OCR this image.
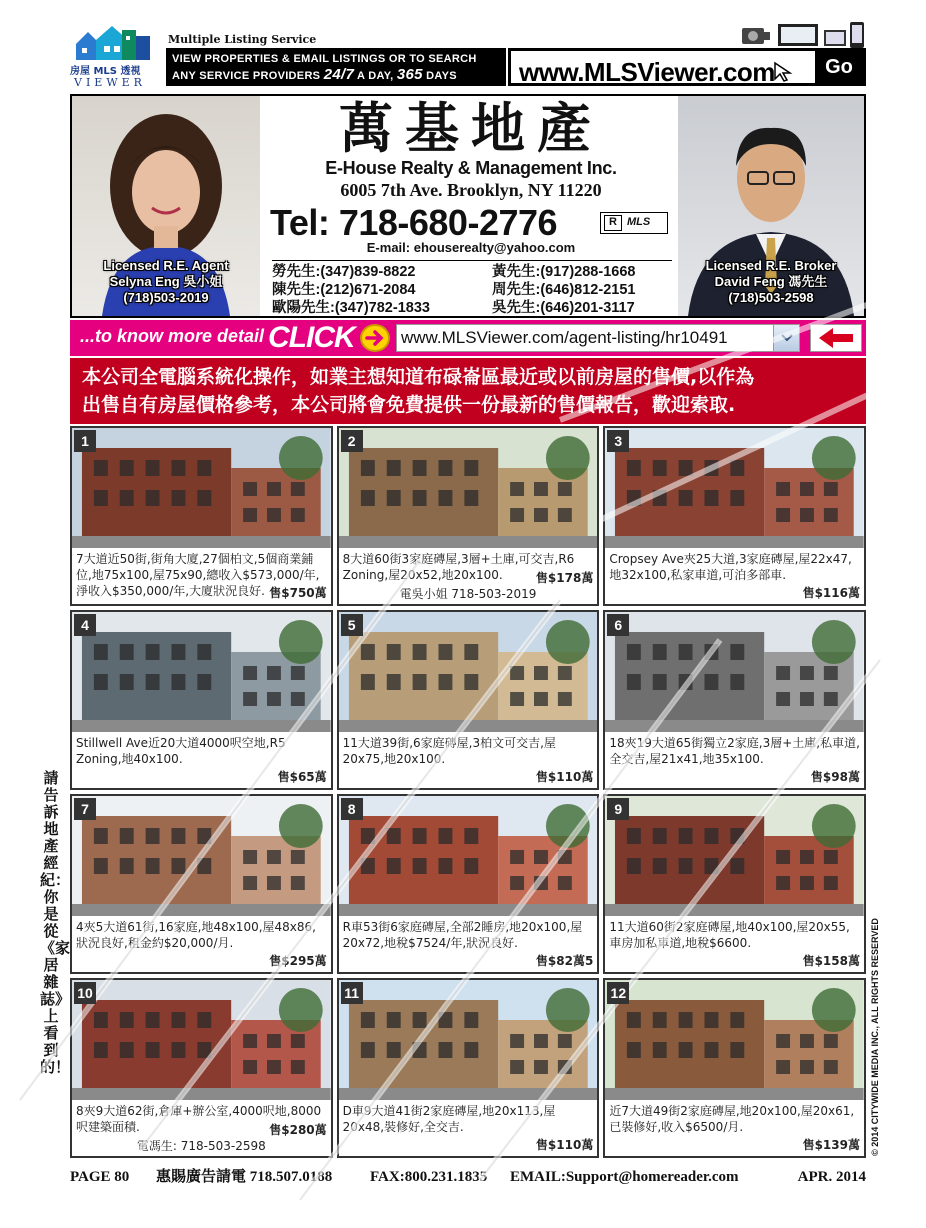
房屋 MLS 透視
VIEWER
Multiple Listing Service
VIEW PROPERTIES & EMAIL LISTINGS OR TO SEARCH
ANY SERVICE PROVIDERS 24/7 A DAY, 365 DAYS	www.MLSViewer.com	Go
Licensed R.E. Agent
Selyna Eng 吳小姐
(718)503-2019
萬基地產
E-House Realty & Management Inc.
6005 7th Ave. Brooklyn, NY 11220
Tel: 718-680-2776	R MLS
E-mail: ehouserealty@yahoo.com
勞先生:(347)839-8822	黃先生:(917)288-1668
陳先生:(212)671-2084	周先生:(646)812-2151
歐陽先生:(347)782-1833	吳先生:(646)201-3117
Licensed R.E. Broker
David Feng 馮先生
(718)503-2598
...to know more detail CLICK	www.MLSViewer.com/agent-listing/hr10491
本公司全電腦系統化操作，如業主想知道布碌崙區最近或以前房屋的售價,以作為
出售自有房屋價格參考，本公司將會免費提供一份最新的售價報告，歡迎索取.
1
7大道近50街,街角大廈,27個柏文,5個商業鋪位,地75x100,屋75x90,總收入$573,000/年,淨收入$350,000/年,大廈狀況良好. 售$750萬
2
8大道60街3家庭磚屋,3層+土庫,可交吉,R6 Zoning,屋20x52,地20x100.	售$178萬
電吳小姐 718-503-2019
3
Cropsey Ave夾25大道,3家庭磚屋,屋22x47,地32x100,私家車道,可泊多部車.
售$116萬
4
Stillwell Ave近20大道4000呎空地,R5 Zoning,地40x100.
售$65萬
5
11大道39街,6家庭磚屋,3柏文可交吉,屋20x75,地20x100.
售$110萬
6
18夾19大道65街獨立2家庭,3層+土庫,私車道,全交吉,屋21x41,地35x100.
售$98萬
7
4夾5大道61街,16家庭,地48x100,屋48x86,狀況良好,租金約$20,000/月.
售$295萬
8
R車53街6家庭磚屋,全部2睡房,地20x100,屋20x72,地稅$7524/年,狀況良好.
售$82萬5
9
11大道60街2家庭磚屋,地40x100,屋20x55,車房加私車道,地稅$6600.
售$158萬
10
8夾9大道62街,倉庫+辦公室,4000呎地,8000呎建築面積.	售$280萬
電馮生: 718-503-2598
11
D車9大道41街2家庭磚屋,地20x113,屋20x48,裝修好,全交吉.
售$110萬
12
近7大道49街2家庭磚屋,地20x100,屋20x61,已裝修好,收入$6500/月.
售$139萬
請告訴地產經紀：你是從《家居雜誌》上看到的！	© 2014 CITYWIDE MEDIA INC., ALL RIGHTS RESERVED
PAGE 80 惠賜廣告請電 718.507.0188	FAX:800.231.1835 EMAIL:Support@homereader.com	APR. 2014
